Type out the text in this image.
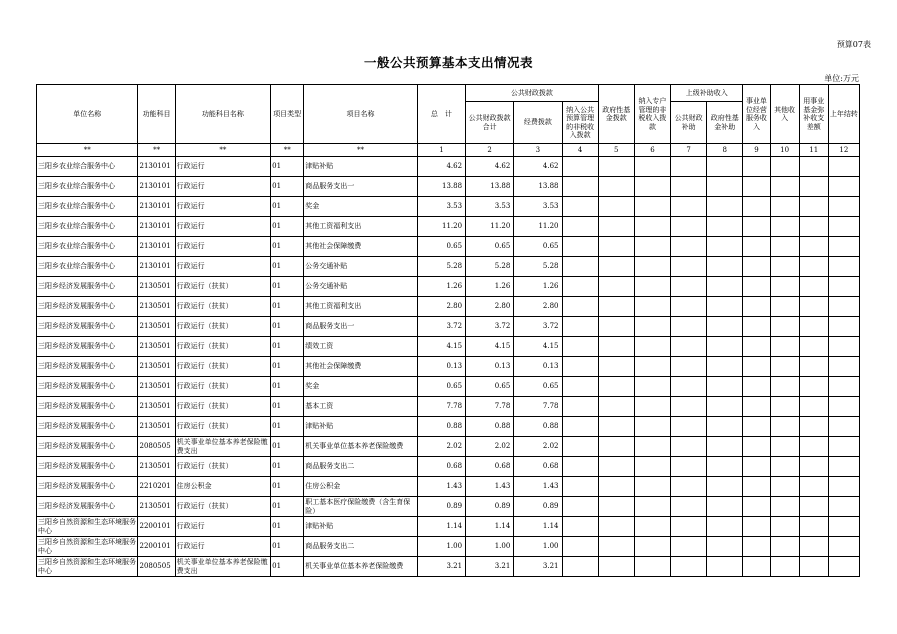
预算07表
一般公共预算基本支出情况表
单位:万元
单位名称	功能科目	功能科目名称	项目类型	项目名称	总　计	公共财政拨款			政府性基金拨款	纳入专户管理的非税收入拨款	上级补助收入		事业单位经营服务收入	其他收入	用事业基金弥补收支差额	上年结转
						公共财政拨款合计	经费拨款	纳入公共预算管理的非税收入拨款			公共财政补助	政府性基金补助				
**	**	**	**	**	1	2	3	4	5	6	7	8	9	10	11	12
三阳乡农业综合服务中心	2130101	行政运行	01	津贴补贴	4.62	4.62	4.62									
三阳乡农业综合服务中心	2130101	行政运行	01	商品服务支出一	13.88	13.88	13.88									
三阳乡农业综合服务中心	2130101	行政运行	01	奖金	3.53	3.53	3.53									
三阳乡农业综合服务中心	2130101	行政运行	01	其他工资福利支出	11.20	11.20	11.20									
三阳乡农业综合服务中心	2130101	行政运行	01	其他社会保障缴费	0.65	0.65	0.65									
三阳乡农业综合服务中心	2130101	行政运行	01	公务交通补贴	5.28	5.28	5.28									
三阳乡经济发展服务中心	2130501	行政运行（扶贫）	01	公务交通补贴	1.26	1.26	1.26									
三阳乡经济发展服务中心	2130501	行政运行（扶贫）	01	其他工资福利支出	2.80	2.80	2.80									
三阳乡经济发展服务中心	2130501	行政运行（扶贫）	01	商品服务支出一	3.72	3.72	3.72									
三阳乡经济发展服务中心	2130501	行政运行（扶贫）	01	绩效工资	4.15	4.15	4.15									
三阳乡经济发展服务中心	2130501	行政运行（扶贫）	01	其他社会保障缴费	0.13	0.13	0.13									
三阳乡经济发展服务中心	2130501	行政运行（扶贫）	01	奖金	0.65	0.65	0.65									
三阳乡经济发展服务中心	2130501	行政运行（扶贫）	01	基本工资	7.78	7.78	7.78									
三阳乡经济发展服务中心	2130501	行政运行（扶贫）	01	津贴补贴	0.88	0.88	0.88									
三阳乡经济发展服务中心	2080505	机关事业单位基本养老保险缴费支出	01	机关事业单位基本养老保险缴费	2.02	2.02	2.02									
三阳乡经济发展服务中心	2130501	行政运行（扶贫）	01	商品服务支出二	0.68	0.68	0.68									
三阳乡经济发展服务中心	2210201	住房公积金	01	住房公积金	1.43	1.43	1.43									
三阳乡经济发展服务中心	2130501	行政运行（扶贫）	01	职工基本医疗保险缴费（含生育保险）	0.89	0.89	0.89									
三阳乡自然资源和生态环境服务中心	2200101	行政运行	01	津贴补贴	1.14	1.14	1.14									
三阳乡自然资源和生态环境服务中心	2200101	行政运行	01	商品服务支出二	1.00	1.00	1.00									
三阳乡自然资源和生态环境服务中心	2080505	机关事业单位基本养老保险缴费支出	01	机关事业单位基本养老保险缴费	3.21	3.21	3.21									
